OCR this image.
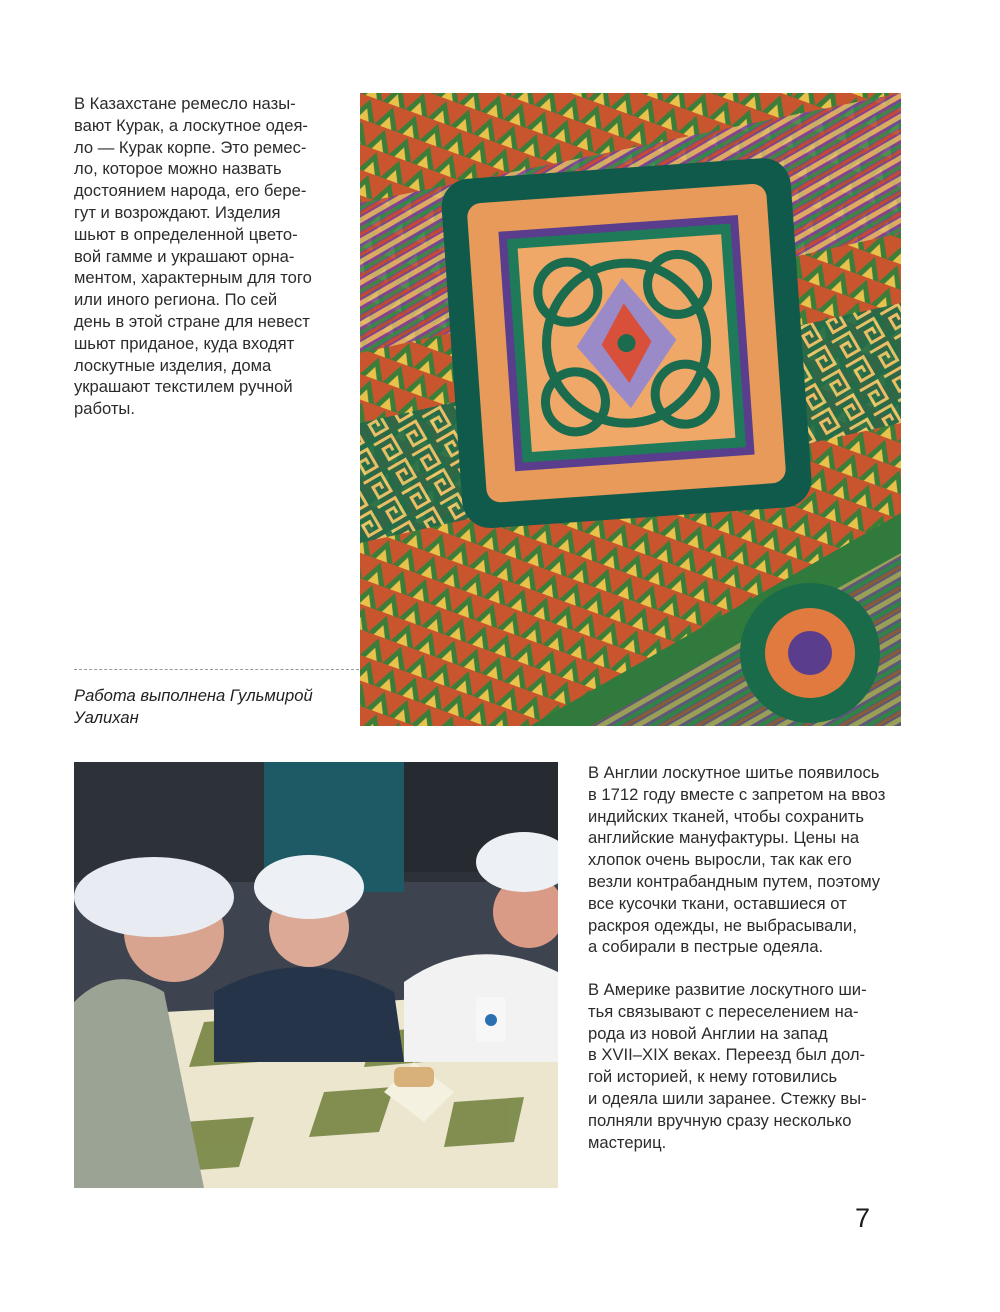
В Казахстане ремесло назы-
вают Курак, а лоскутное одея-
ло — Курак корпе. Это ремес-
ло, которое можно назвать
достоянием народа, его бере-
гут и возрождают. Изделия
шьют в определенной цвето-
вой гамме и украшают орна-
ментом, характерным для того
или иного региона. По сей
день в этой стране для невест
шьют приданое, куда входят
лоскутные изделия, дома
украшают текстилем ручной
работы.

Работа выполнена Гульмирой
Уалихан

В Англии лоскутное шитье появилось
в 1712 году вместе с запретом на ввоз
индийских тканей, чтобы сохранить
английские мануфактуры. Цены на
хлопок очень выросли, так как его
везли контрабандным путем, поэтому
все кусочки ткани, оставшиеся от
раскроя одежды, не выбрасывали,
а собирали в пестрые одеяла.

В Америке развитие лоскутного ши-
тья связывают с переселением на-
рода из новой Англии на запад
в XVII–XIX веках. Переезд был дол-
гой историей, к нему готовились
и одеяла шили заранее. Стежку вы-
полняли вручную сразу несколько
мастериц.

7
